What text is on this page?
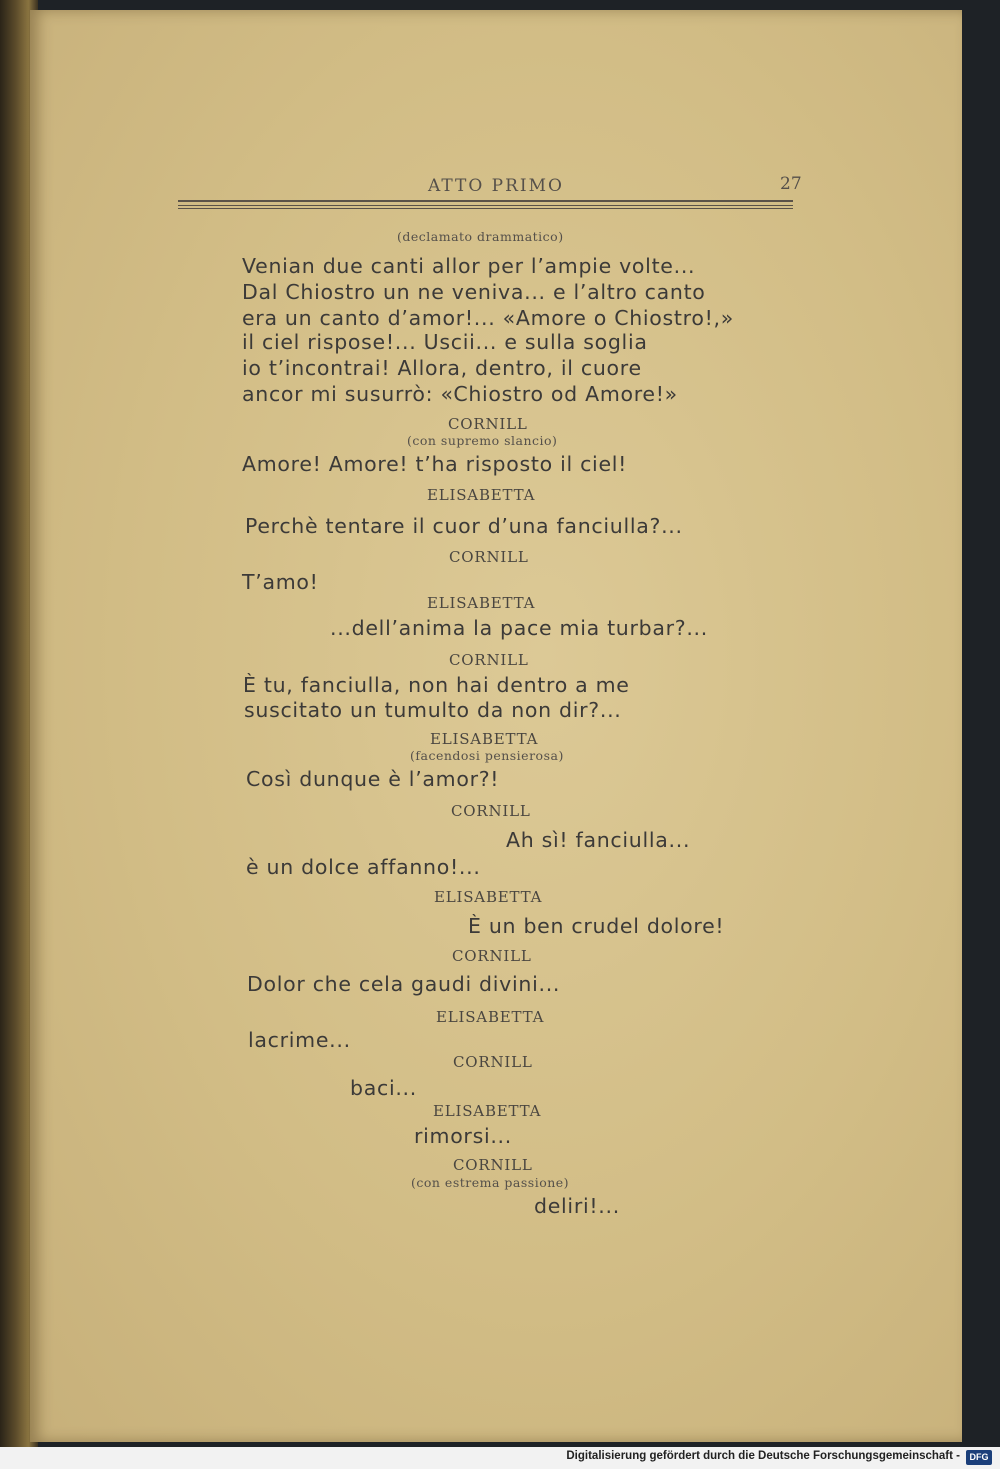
ATTO PRIMO	27
(declamato drammatico)
Venian due canti allor per l’ampie volte...
Dal Chiostro un ne veniva... e l’altro canto
era un canto d’amor!... «Amore o Chiostro!,»
il ciel rispose!... Uscii... e sulla soglia
io t’incontrai! Allora, dentro, il cuore
ancor mi susurrò: «Chiostro od Amore!»
CORNILL
(con supremo slancio)
Amore! Amore! t’ha risposto il ciel!
ELISABETTA
Perchè tentare il cuor d’una fanciulla?...
CORNILL
T’amo!
ELISABETTA
...dell’anima la pace mia turbar?...
CORNILL
È tu, fanciulla, non hai dentro a me
suscitato un tumulto da non dir?...
ELISABETTA
(facendosi pensierosa)
Così dunque è l’amor?!
CORNILL
Ah sì! fanciulla...
è un dolce affanno!...
ELISABETTA
È un ben crudel dolore!
CORNILL
Dolor che cela gaudi divini...
ELISABETTA
lacrime...
CORNILL
baci...
ELISABETTA
rimorsi...
CORNILL
(con estrema passione)
deliri!...
Digitalisierung gefördert durch die Deutsche Forschungsgemeinschaft -	DFG
